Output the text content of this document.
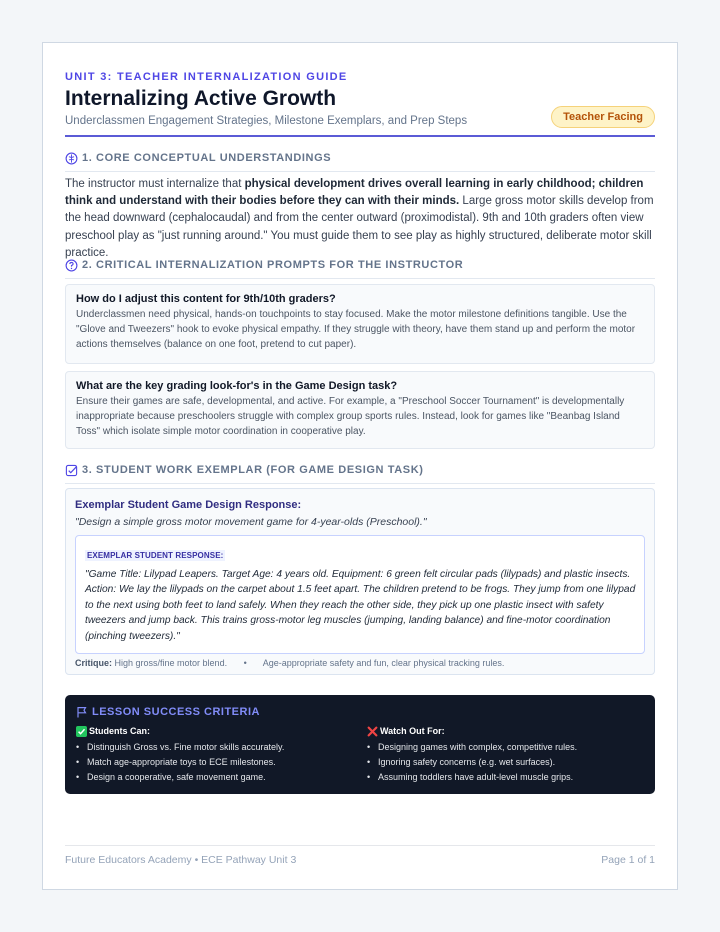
UNIT 3: TEACHER INTERNALIZATION GUIDE
Internalizing Active Growth
Underclassmen Engagement Strategies, Milestone Exemplars, and Prep Steps	Teacher Facing
1. CORE CONCEPTUAL UNDERSTANDINGS
The instructor must internalize that physical development drives overall learning in early childhood; children think and understand with their bodies before they can with their minds. Large gross motor skills develop from the head downward (cephalocaudal) and from the center outward (proximodistal). 9th and 10th graders often view preschool play as "just running around." You must guide them to see play as highly structured, deliberate motor skill practice.
2. CRITICAL INTERNALIZATION PROMPTS FOR THE INSTRUCTOR
How do I adjust this content for 9th/10th graders?
Underclassmen need physical, hands-on touchpoints to stay focused. Make the motor milestone definitions tangible. Use the "Glove and Tweezers" hook to evoke physical empathy. If they struggle with theory, have them stand up and perform the motor actions themselves (balance on one foot, pretend to cut paper).
What are the key grading look-for's in the Game Design task?
Ensure their games are safe, developmental, and active. For example, a "Preschool Soccer Tournament" is developmentally inappropriate because preschoolers struggle with complex group sports rules. Instead, look for games like "Beanbag Island Toss" which isolate simple motor coordination in cooperative play.
3. STUDENT WORK EXEMPLAR (FOR GAME DESIGN TASK)
Exemplar Student Game Design Response:
"Design a simple gross motor movement game for 4-year-olds (Preschool)."
EXEMPLAR STUDENT RESPONSE:
"Game Title: Lilypad Leapers. Target Age: 4 years old. Equipment: 6 green felt circular pads (lilypads) and plastic insects. Action: We lay the lilypads on the carpet about 1.5 feet apart. The children pretend to be frogs. They jump from one lilypad to the next using both feet to land safely. When they reach the other side, they pick up one plastic insect with safety tweezers and jump back. This trains gross-motor leg muscles (jumping, landing balance) and fine-motor coordination (pinching tweezers)."
Critique: High gross/fine motor blend. • Age-appropriate safety and fun, clear physical tracking rules.
LESSON SUCCESS CRITERIA
Students Can:
• Distinguish Gross vs. Fine motor skills accurately.
• Match age-appropriate toys to ECE milestones.
• Design a cooperative, safe movement game.
Watch Out For:
• Designing games with complex, competitive rules.
• Ignoring safety concerns (e.g. wet surfaces).
• Assuming toddlers have adult-level muscle grips.
Future Educators Academy • ECE Pathway Unit 3	Page 1 of 1
